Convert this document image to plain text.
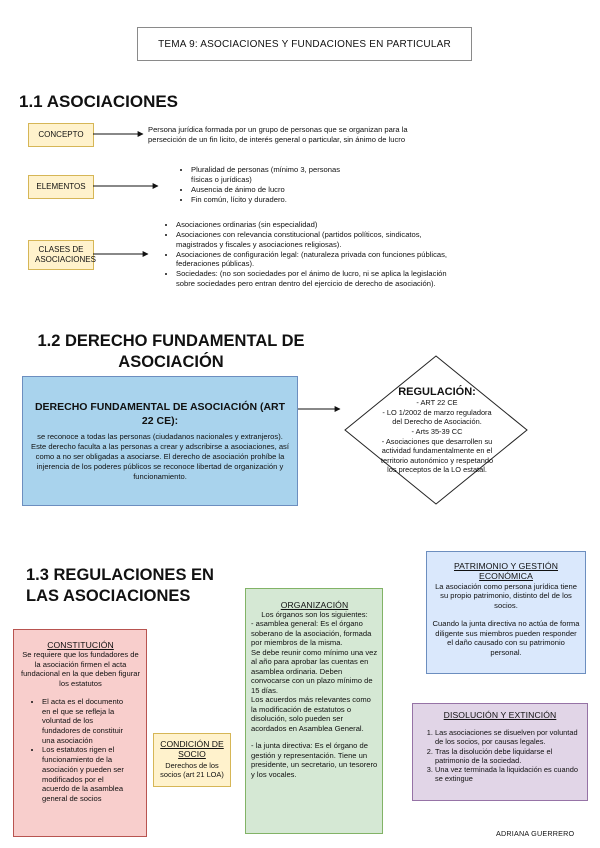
TEMA 9: ASOCIACIONES Y FUNDACIONES EN PARTICULAR
1.1 ASOCIACIONES
CONCEPTO
Persona jurídica formada por un grupo de personas que se organizan para la persecición de un fin licito, de interés general o particular, sin ánimo de lucro
ELEMENTOS
• Pluralidad de personas (mínimo 3, personas físicas o jurídicas)
• Ausencia de ánimo de lucro
• Fin común, lícito y duradero.
CLASES DE ASOCIACIONES
• Asociaciones ordinarias (sin especialidad)
• Asociaciones con relevancia constitucional (partidos políticos, sindicatos, magistrados y fiscales y asociaciones religiosas).
• Asociaciones de configuración legal: (naturaleza privada con funciones públicas, federaciones públicas).
• Sociedades: (no son sociedades por el ánimo de lucro, ni se aplica la legislación sobre sociedades pero entran dentro del ejercicio de derecho de asociación).
1.2 DERECHO FUNDAMENTAL DE
ASOCIACIÓN
DERECHO FUNDAMENTAL DE ASOCIACIÓN (ART 22 CE):
se reconoce a todas las personas (ciudadanos nacionales y extranjeros). Este derecho faculta a las personas a crear y adscribirse a asociaciones, así como a no ser obligadas a asociarse. El derecho de asociación prohíbe la injerencia de los poderes públicos se reconoce libertad de organización y funcionamiento.
REGULACIÓN:
- ART 22 CE
- LO 1/2002 de marzo reguladora del Derecho de Asociación.
- Arts 35-39 CC
- Asociaciones que desarrollen su actividad fundamentalmente en el territorio autonómico y respetando los preceptos de la LO estatal.
1.3 REGULACIONES EN
LAS ASOCIACIONES
CONSTITUCIÓN
Se requiere que los fundadores de la asociación firmen el acta fundacional en la que deben figurar los estatutos
• El acta es el documento en el que se refleja la voluntad de los fundadores de constituir una asociación
• Los estatutos rigen el funcionamiento de la asociación y pueden ser modificados por el acuerdo de la asamblea general de socios
CONDICIÓN DE SOCIO
Derechos de los socios (art 21 LOA)
ORGANIZACIÓN
Los órganos son los siguientes:
- asamblea general: Es el órgano soberano de la asociación, formada por miembros de la misma.
Se debe reunir como mínimo una vez al año para aprobar las cuentas en asamblea ordinaria. Deben convocarse con un plazo mínimo de 15 días.
Los acuerdos más relevantes como la modificación de estatutos o disolución, solo pueden ser acordados en Asamblea General.
- la junta directiva: Es el órgano de gestión y representación. Tiene un presidente, un secretario, un tesorero y los vocales.
PATRIMONIO Y GESTIÓN ECONÓMICA
La asociación como persona jurídica tiene su propio patrimonio, distinto del de los socios.
Cuando la junta directiva no actúa de forma diligente sus miembros pueden responder el daño causado con su patrimonio personal.
DISOLUCIÓN Y EXTINCIÓN
1. Las asociaciones se disuelven por voluntad de los socios, por causas legales.
2. Tras la disolución debe liquidarse el patrimonio de la sociedad.
3. Una vez terminada la liquidación es cuando se extingue
ADRIANA GUERRERO
